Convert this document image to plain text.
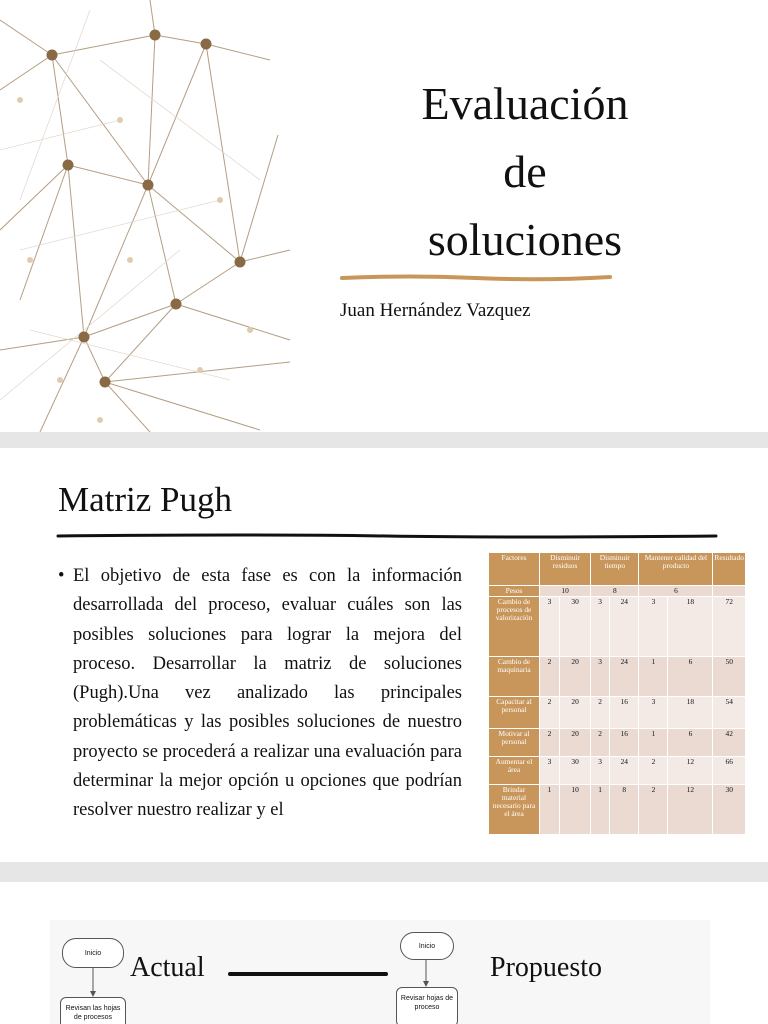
Evaluación
de
soluciones
Juan Hernández Vazquez
Matriz Pugh
• El objetivo de esta fase es con la información desarrollada del proceso, evaluar cuáles son las posibles soluciones para lograr la mejora del proceso. Desarrollar la matriz de soluciones (Pugh).Una vez analizado las principales problemáticas y las posibles soluciones de nuestro proyecto se procederá a realizar una evaluación para determinar la mejor opción u opciones que podrían resolver nuestro realizar y el
Factores	Disminuir residuos		Disminuir tiempo		Mantener calidad del producto		Resultado
Pesos	10		8		6		
Cambio de procesos de valorización	3	30	3	24	3	18	72
Cambio de maquinaria	2	20	3	24	1	6	50
Capacitar al personal	2	20	2	16	3	18	54
Motivar al personal	2	20	2	16	1	6	42
Aumentar el área	3	30	3	24	2	12	66
Brindar material necesario para el área	1	10	1	8	2	12	30
Inicio
Revisan las hojas de procesos
Actual
Inicio
Revisar hojas de proceso
Propuesto
